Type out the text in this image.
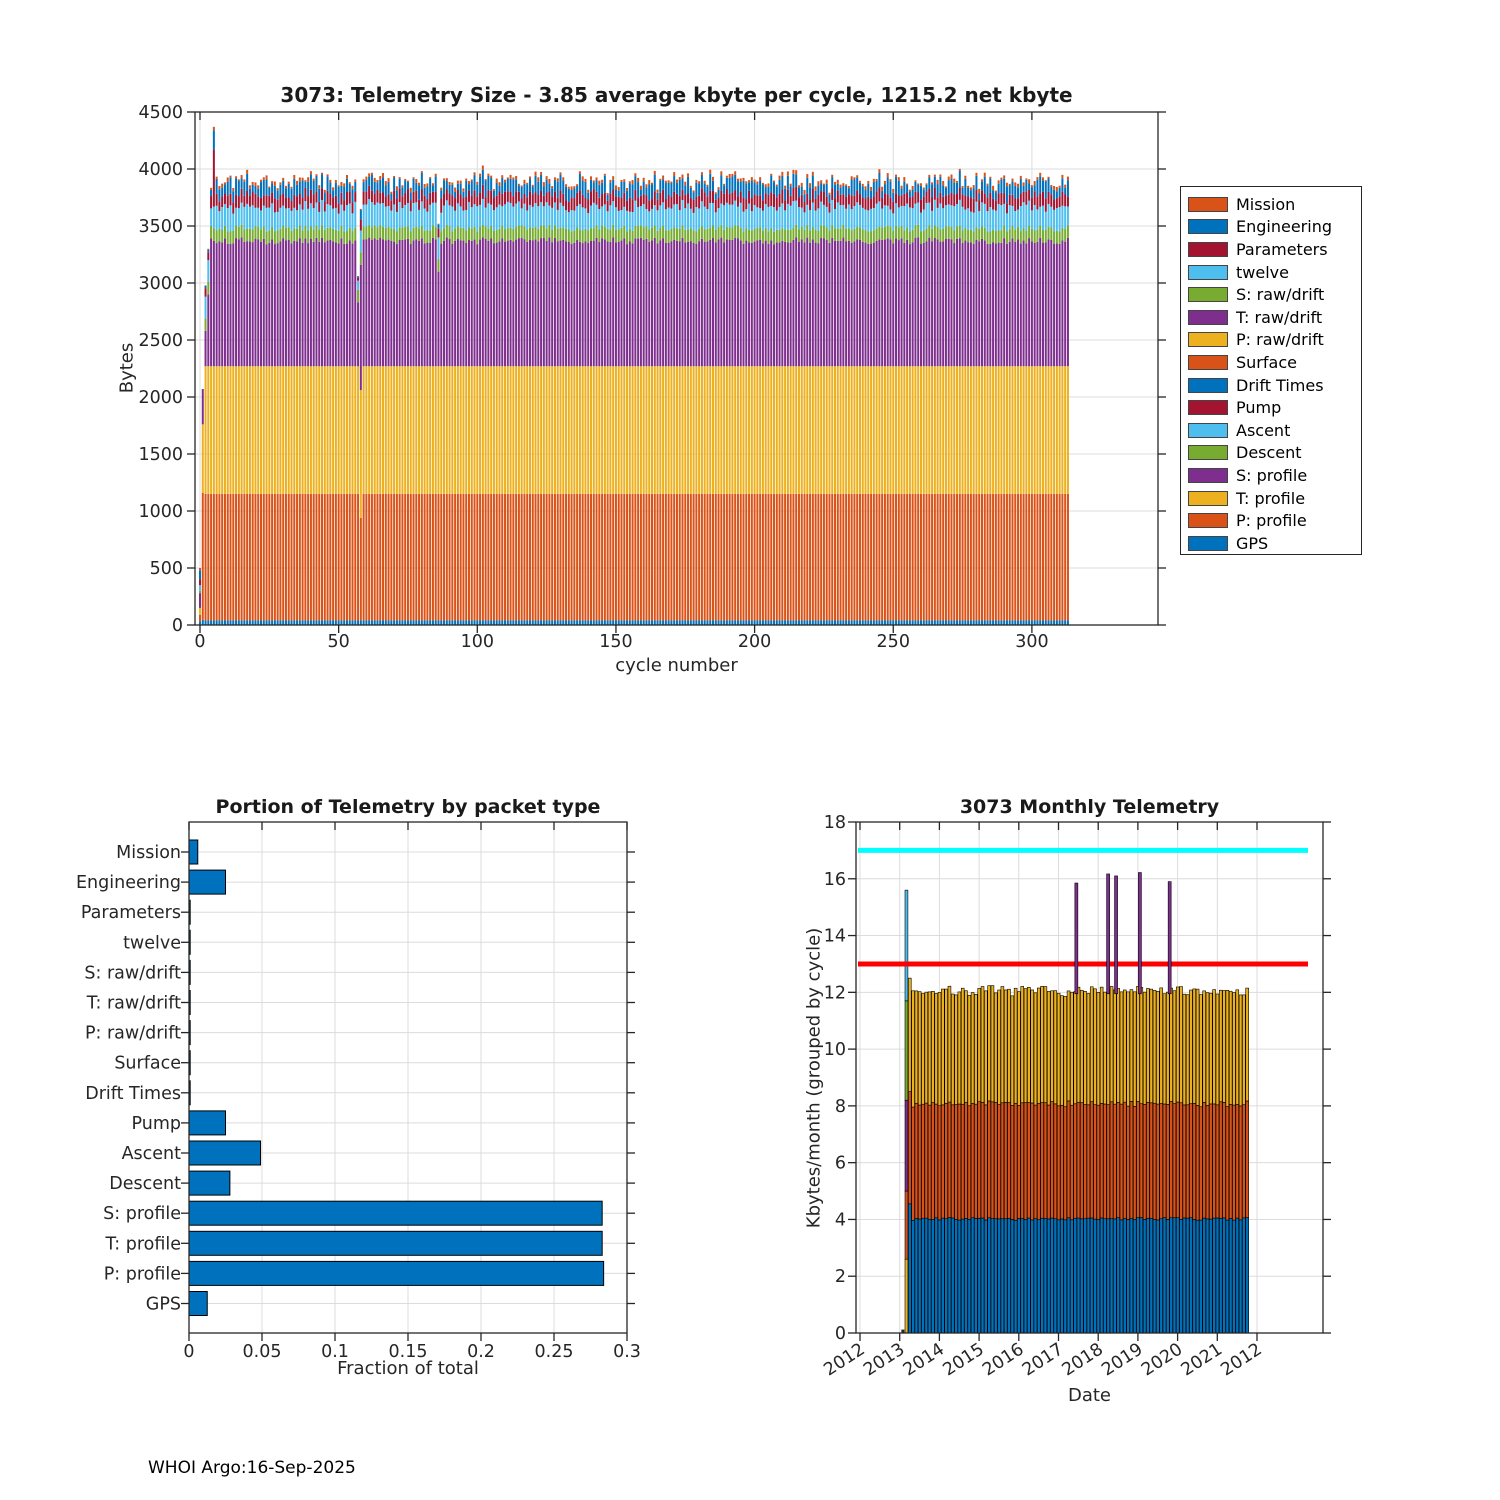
0
500
1000
1500
2000
2500
3000
3500
4000
4500
0	50	100	150	200	250	300
Mission
Engineering
Parameters
twelve
S: raw/drift
T: raw/drift
P: raw/drift
Surface
Drift Times
Pump
Ascent
Descent
S: profile
T: profile
P: profile
GPS
0	0.05 0.1 0.15 0.2 0.25 0.3
0
2
4
6
8
10
12
14
16
18
2012
2013
2014
2015
2016
2017
2018
2019
2020
2021
2012
3073: Telemetry Size - 3.85 average kbyte per cycle, 1215.2 net kbyte
cycle number
Bytes
Mission
Engineering
Parameters
twelve
S: raw/drift
T: raw/drift
P: raw/drift
Surface
Drift Times
Pump
Ascent
Descent
S: profile
T: profile
P: profile
GPS
Portion of Telemetry by packet type
Fraction of total
3073 Monthly Telemetry
Date
Kbytes/month (grouped by cycle)
WHOI Argo:16-Sep-2025
